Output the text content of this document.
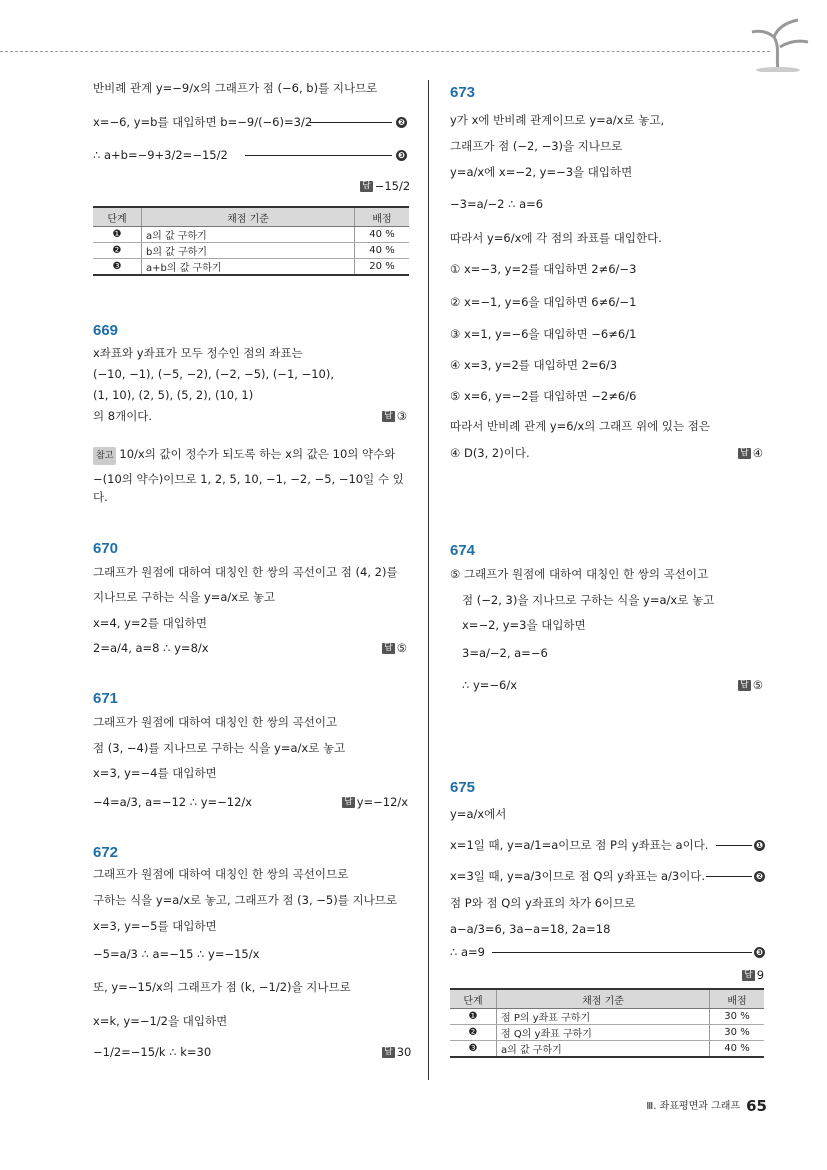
반비례 관계 y=−9/x의 그래프가 점 (−6, b)를 지나므로
x=−6, y=b를 대입하면 b=−9/(−6)=3/2	❷
∴ a+b=−9+3/2=−15/2	❸
답 −15/2
단계	채점 기준	배점
❶	a의 값 구하기	40 %
❷	b의 값 구하기	40 %
❸	a+b의 값 구하기	20 %
669
x좌표와 y좌표가 모두 정수인 점의 좌표는
(−10, −1), (−5, −2), (−2, −5), (−1, −10),
(1, 10), (2, 5), (5, 2), (10, 1)
의 8개이다.	답 ③
참고 10/x의 값이 정수가 되도록 하는 x의 값은 10의 약수와
−(10의 약수)이므로 1, 2, 5, 10, −1, −2, −5, −10일 수 있다.
670
그래프가 원점에 대하여 대칭인 한 쌍의 곡선이고 점 (4, 2)를
지나므로 구하는 식을 y=a/x로 놓고
x=4, y=2를 대입하면
2=a/4, a=8 ∴ y=8/x	답 ⑤
671
그래프가 원점에 대하여 대칭인 한 쌍의 곡선이고
점 (3, −4)를 지나므로 구하는 식을 y=a/x로 놓고
x=3, y=−4를 대입하면
−4=a/3, a=−12 ∴ y=−12/x	답 y=−12/x
672
그래프가 원점에 대하여 대칭인 한 쌍의 곡선이므로
구하는 식을 y=a/x로 놓고, 그래프가 점 (3, −5)를 지나므로
x=3, y=−5를 대입하면
−5=a/3 ∴ a=−15 ∴ y=−15/x
또, y=−15/x의 그래프가 점 (k, −1/2)을 지나므로
x=k, y=−1/2을 대입하면
−1/2=−15/k ∴ k=30	답 30
673
y가 x에 반비례 관계이므로 y=a/x로 놓고,
그래프가 점 (−2, −3)을 지나므로
y=a/x에 x=−2, y=−3을 대입하면
−3=a/−2 ∴ a=6
따라서 y=6/x에 각 점의 좌표를 대입한다.
① x=−3, y=2를 대입하면 2≠6/−3
② x=−1, y=6을 대입하면 6≠6/−1
③ x=1, y=−6을 대입하면 −6≠6/1
④ x=3, y=2를 대입하면 2=6/3
⑤ x=6, y=−2를 대입하면 −2≠6/6
따라서 반비례 관계 y=6/x의 그래프 위에 있는 점은
④ D(3, 2)이다.	답 ④
674
⑤ 그래프가 원점에 대하여 대칭인 한 쌍의 곡선이고
점 (−2, 3)을 지나므로 구하는 식을 y=a/x로 놓고
x=−2, y=3을 대입하면
3=a/−2, a=−6
∴ y=−6/x	답 ⑤
675
y=a/x에서
x=1일 때, y=a/1=a이므로 점 P의 y좌표는 a이다.	❶
x=3일 때, y=a/3이므로 점 Q의 y좌표는 a/3이다.	❷
점 P와 점 Q의 y좌표의 차가 6이므로
a−a/3=6, 3a−a=18, 2a=18
∴ a=9	❸
답 9
단계	채점 기준	배점
❶	점 P의 y좌표 구하기	30 %
❷	점 Q의 y좌표 구하기	30 %
❸	a의 값 구하기	40 %
Ⅲ. 좌표평면과 그래프 65
